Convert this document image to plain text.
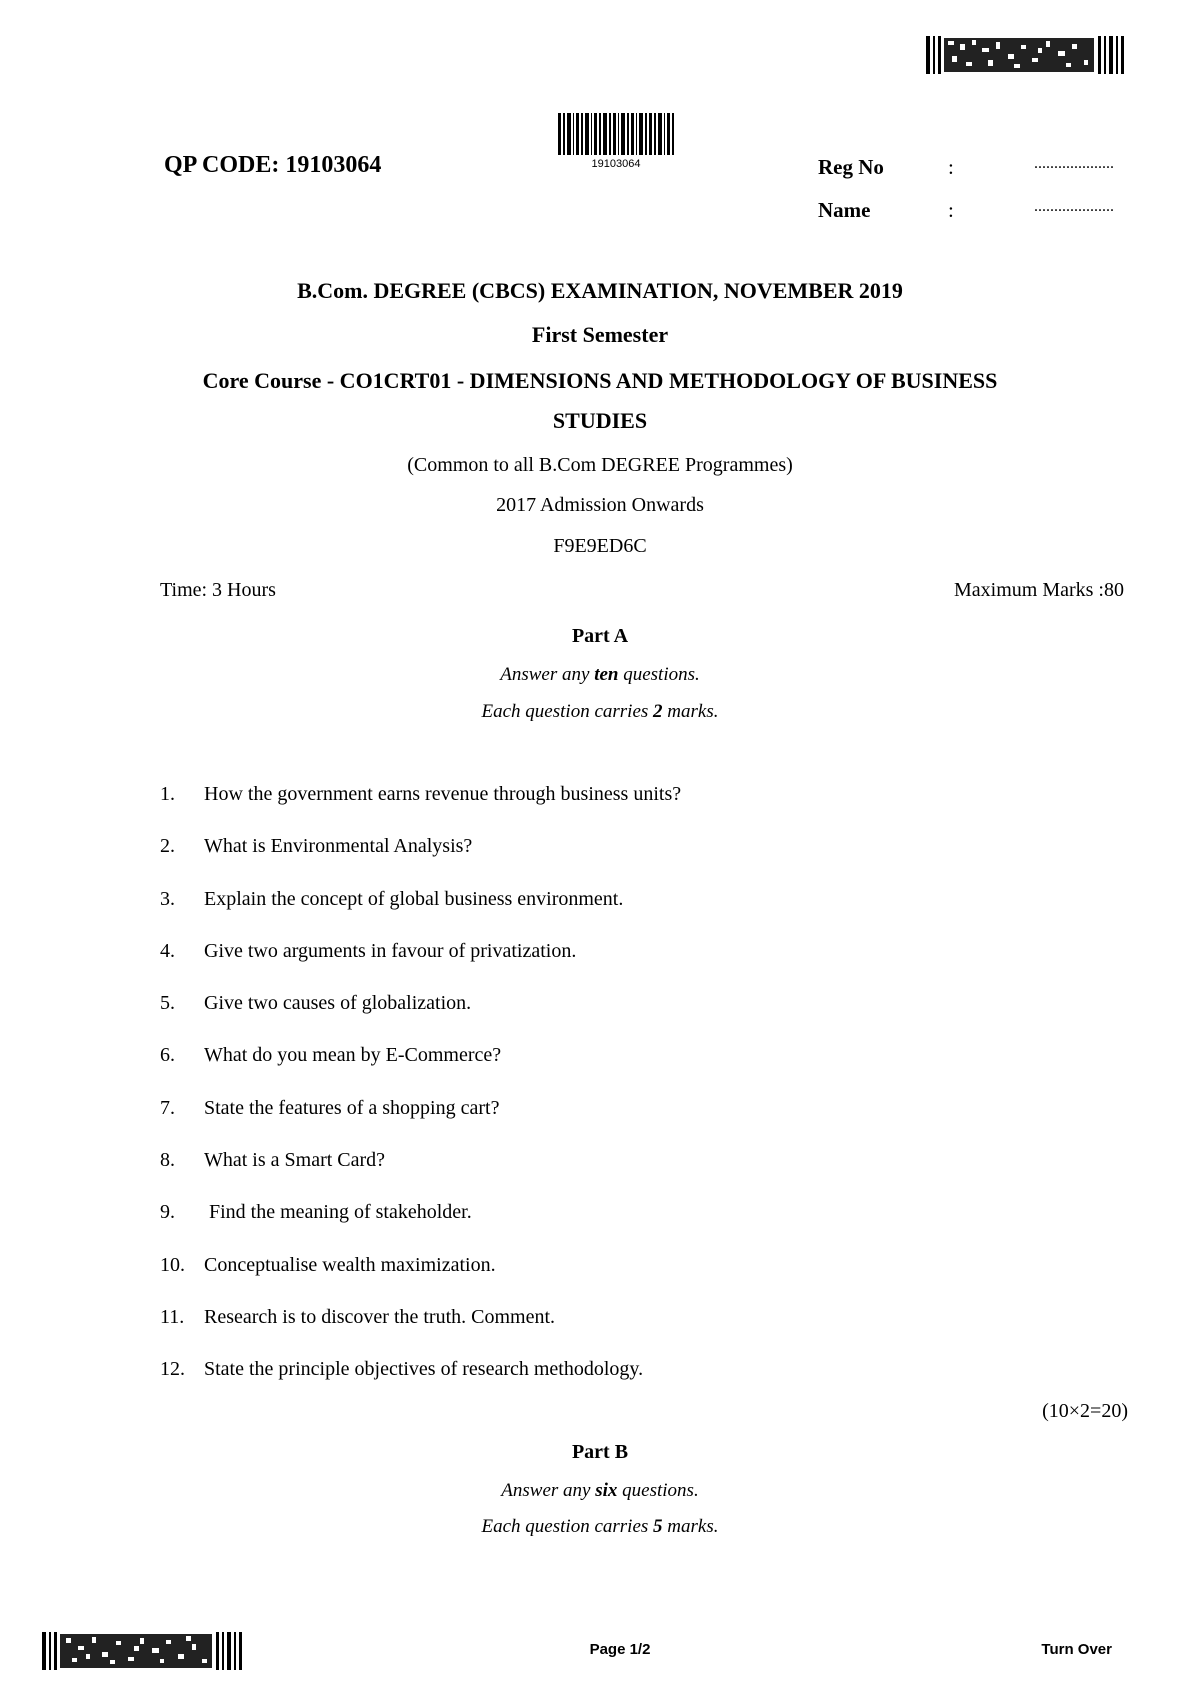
QP CODE: 19103064	19103064	Reg No	:	....................
Name	:	....................
B.Com. DEGREE (CBCS) EXAMINATION, NOVEMBER 2019
First Semester
Core Course - CO1CRT01 - DIMENSIONS AND METHODOLOGY OF BUSINESS
STUDIES
(Common to all B.Com DEGREE Programmes)
2017 Admission Onwards
F9E9ED6C
Time: 3 Hours	Maximum Marks :80
Part A
Answer any ten questions.
Each question carries 2 marks.
1. How the government earns revenue through business units?
2. What is Environmental Analysis?
3. Explain the concept of global business environment.
4. Give two arguments in favour of privatization.
5. Give two causes of globalization.
6. What do you mean by E-Commerce?
7. State the features of a shopping cart?
8. What is a Smart Card?
9. Find the meaning of stakeholder.
10. Conceptualise wealth maximization.
11. Research is to discover the truth. Comment.
12. State the principle objectives of research methodology.
(10×2=20)
Part B
Answer any six questions.
Each question carries 5 marks.
Page 1/2	Turn Over
